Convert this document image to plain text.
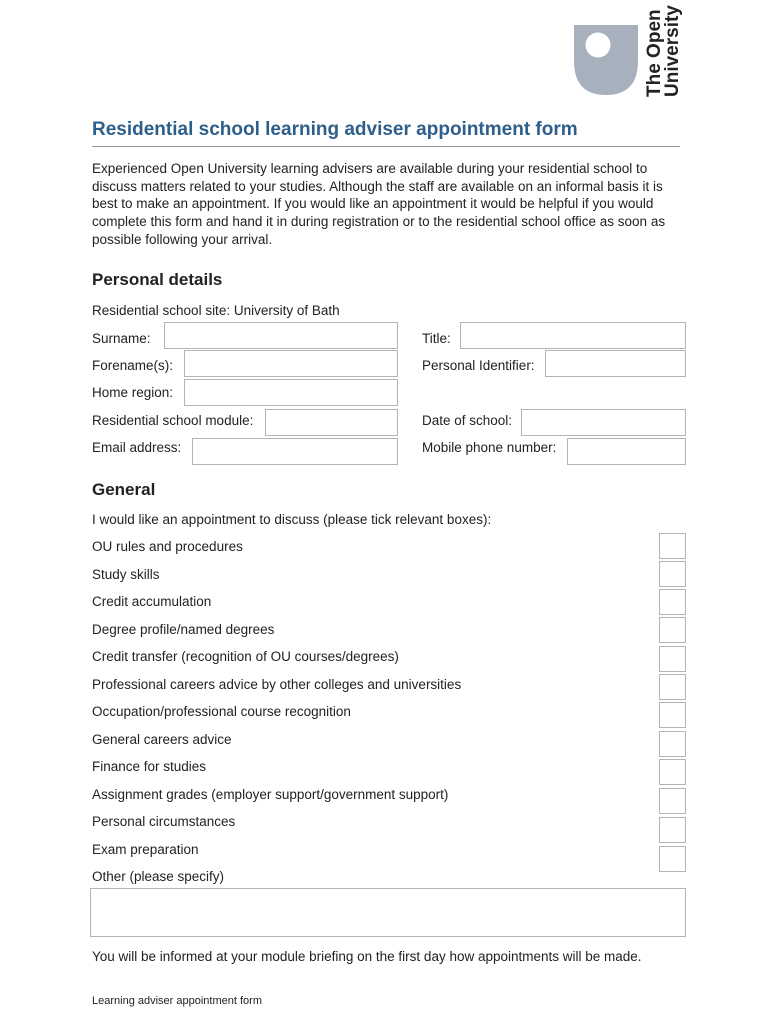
The Open
University
Residential school learning adviser appointment form
Experienced Open University learning advisers are available during your residential school to discuss matters related to your studies. Although the staff are available on an informal basis it is best to make an appointment. If you would like an appointment it would be helpful if you would complete this form and hand it in during registration or to the residential school office as soon as possible following your arrival.
Personal details
Residential school site: University of Bath
Surname:	Title:
Forename(s):	Personal Identifier:
Home region:
Residential school module:	Date of school:
Email address:	Mobile phone number:
General
I would like an appointment to discuss (please tick relevant boxes):
OU rules and procedures
Study skills
Credit accumulation
Degree profile/named degrees
Credit transfer (recognition of OU courses/degrees)
Professional careers advice by other colleges and universities
Occupation/professional course recognition
General careers advice
Finance for studies
Assignment grades (employer support/government support)
Personal circumstances
Exam preparation
Other (please specify)
You will be informed at your module briefing on the first day how appointments will be made.
Learning adviser appointment form
